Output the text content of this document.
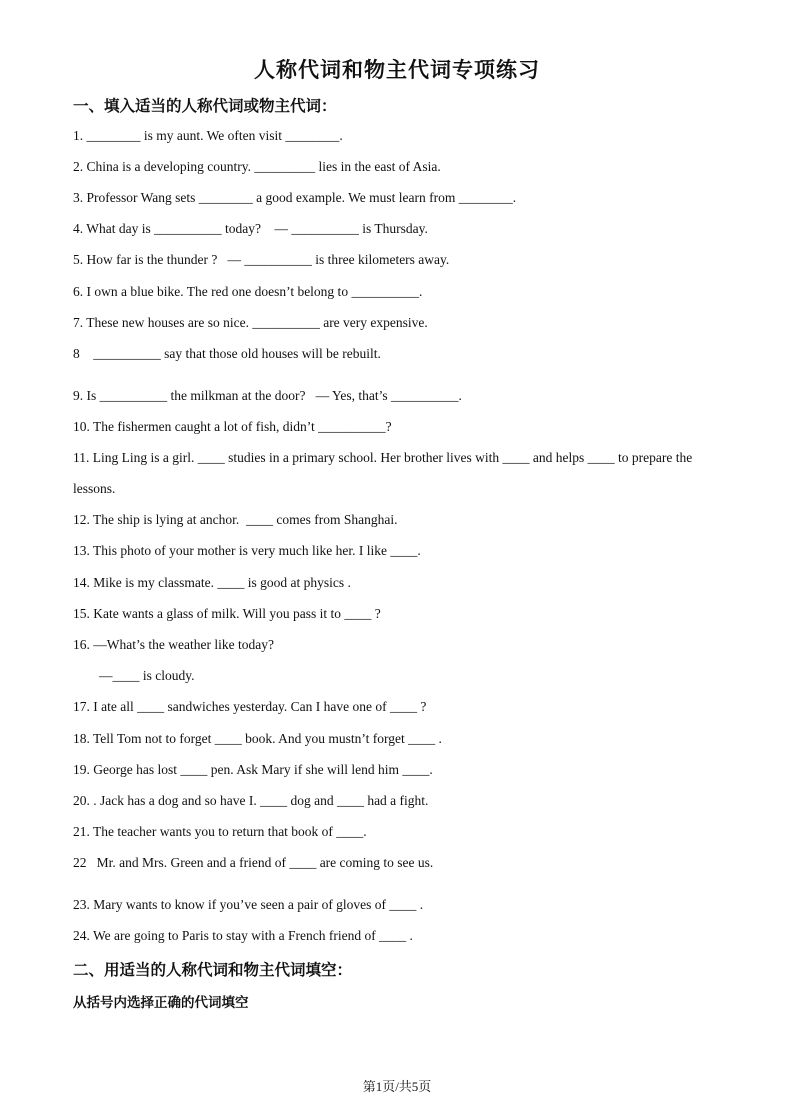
人称代词和物主代词专项练习
一、填入适当的人称代词或物主代词：
1. ________ is my aunt. We often visit ________.
2. China is a developing country. _________ lies in the east of Asia.
3. Professor Wang sets ________ a good example. We must learn from ________.
4. What day is __________ today?    — __________ is Thursday.
5. How far is the thunder ?   — __________ is three kilometers away.
6. I own a blue bike. The red one doesn’t belong to __________.
7. These new houses are so nice. __________ are very expensive.
8    __________ say that those old houses will be rebuilt.
9. Is __________ the milkman at the door?   — Yes, that’s __________.
10. The fishermen caught a lot of fish, didn’t __________?
11. Ling Ling is a girl. ____ studies in a primary school. Her brother lives with ____ and helps ____ to prepare the
lessons.
12. The ship is lying at anchor.  ____ comes from Shanghai.
13. This photo of your mother is very much like her. I like ____.
14. Mike is my classmate. ____ is good at physics .
15. Kate wants a glass of milk. Will you pass it to ____ ?
16. —What’s the weather like today?
—____ is cloudy.
17. I ate all ____ sandwiches yesterday. Can I have one of ____ ?
18. Tell Tom not to forget ____ book. And you mustn’t forget ____ .
19. George has lost ____ pen. Ask Mary if she will lend him ____.
20. . Jack has a dog and so have I. ____ dog and ____ had a fight.
21. The teacher wants you to return that book of ____.
22   Mr. and Mrs. Green and a friend of ____ are coming to see us.
23. Mary wants to know if you’ve seen a pair of gloves of ____ .
24. We are going to Paris to stay with a French friend of ____ .
二、用适当的人称代词和物主代词填空：
从括号内选择正确的代词填空
第1页/共5页
